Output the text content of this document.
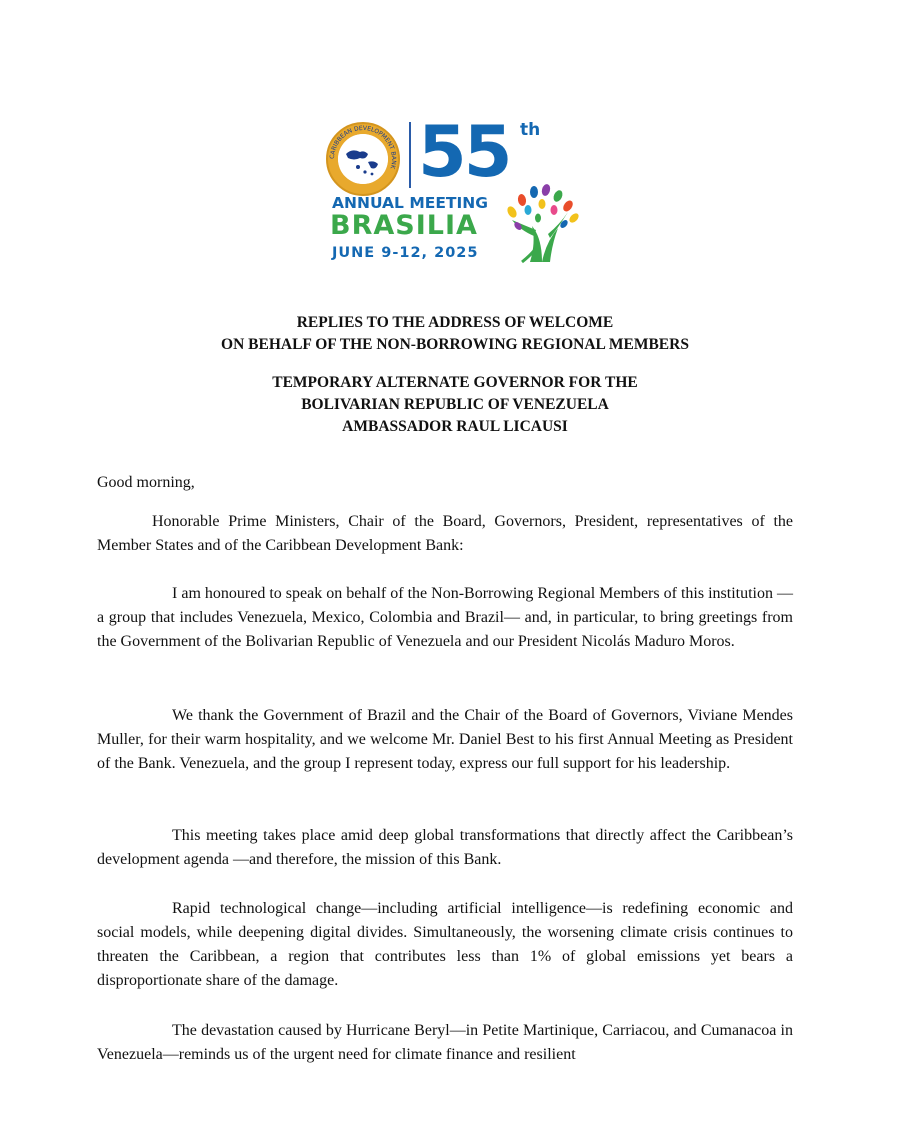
CARIBBEAN DEVELOPMENT BANK 55 th
ANNUAL MEETING
BRASILIA
JUNE 9-12, 2025
REPLIES TO THE ADDRESS OF WELCOME
ON BEHALF OF THE NON-BORROWING REGIONAL MEMBERS
TEMPORARY ALTERNATE GOVERNOR FOR THE
BOLIVARIAN REPUBLIC OF VENEZUELA
AMBASSADOR RAUL LICAUSI

Good morning,

Honorable Prime Ministers, Chair of the Board, Governors, President, representatives of the Member States and of the Caribbean Development Bank:

I am honoured to speak on behalf of the Non-Borrowing Regional Members of this institution —a group that includes Venezuela, Mexico, Colombia and Brazil— and, in particular, to bring greetings from the Government of the Bolivarian Republic of Venezuela and our President Nicolás Maduro Moros.

We thank the Government of Brazil and the Chair of the Board of Governors, Viviane Mendes Muller, for their warm hospitality, and we welcome Mr. Daniel Best to his first Annual Meeting as President of the Bank. Venezuela, and the group I represent today, express our full support for his leadership.

This meeting takes place amid deep global transformations that directly affect the Caribbean’s development agenda —and therefore, the mission of this Bank.

Rapid technological change—including artificial intelligence—is redefining economic and social models, while deepening digital divides. Simultaneously, the worsening climate crisis continues to threaten the Caribbean, a region that contributes less than 1% of global emissions yet bears a disproportionate share of the damage.

The devastation caused by Hurricane Beryl—in Petite Martinique, Carriacou, and Cumanacoa in Venezuela—reminds us of the urgent need for climate finance and resilient
